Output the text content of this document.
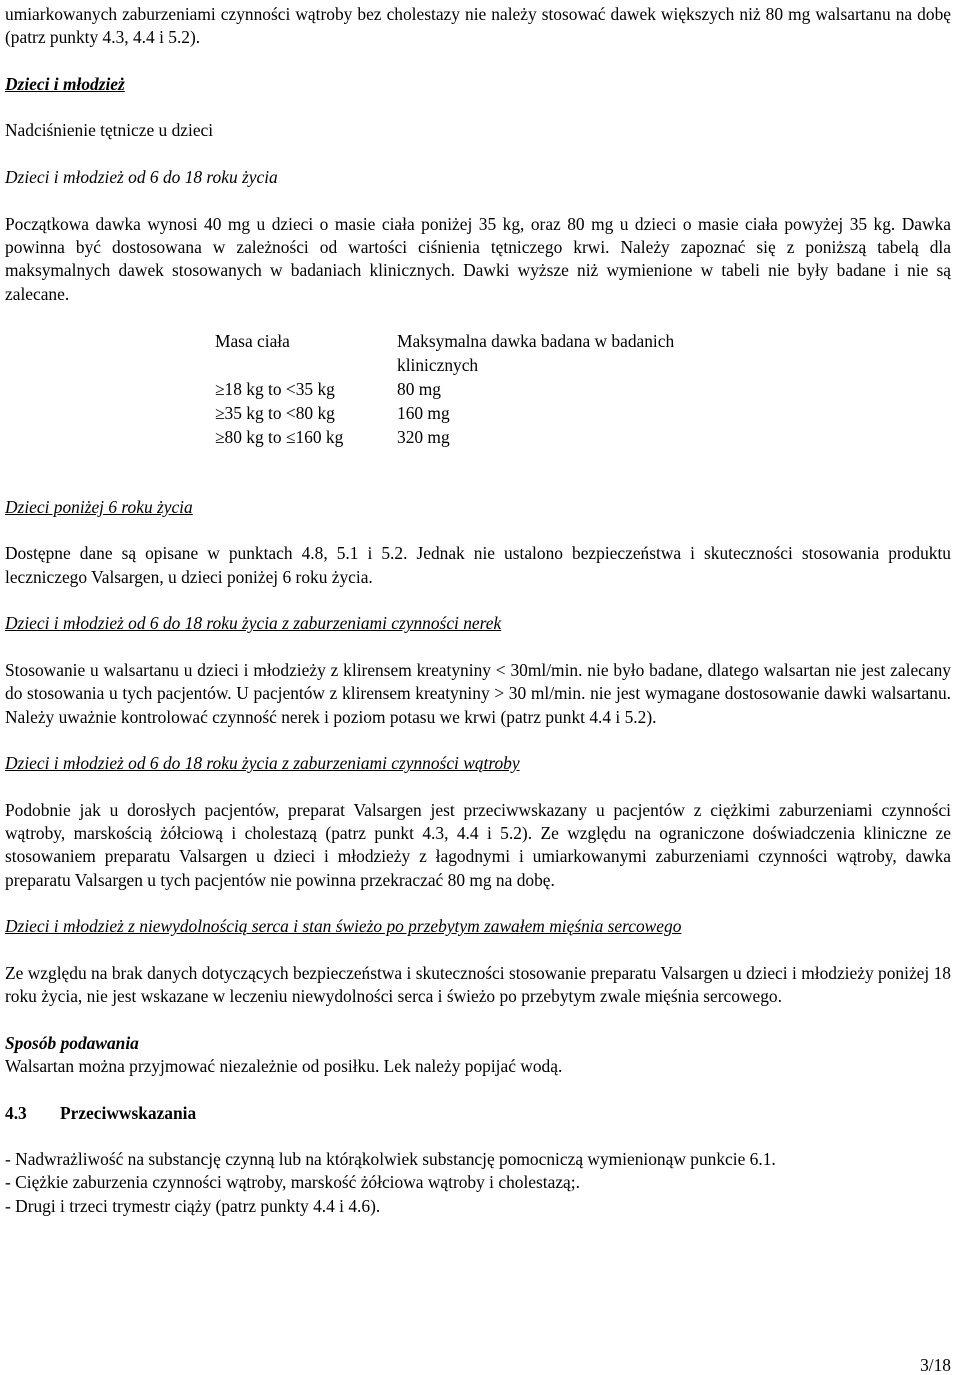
umiarkowanych zaburzeniami czynności wątroby bez cholestazy nie należy stosować dawek większych niż 80 mg walsartanu na dobę (patrz punkty 4.3, 4.4 i 5.2).

Dzieci i młodzież

Nadciśnienie tętnicze u dzieci

Dzieci i młodzież od 6 do 18 roku życia

Początkowa dawka wynosi 40 mg u dzieci o masie ciała poniżej 35 kg, oraz 80 mg u dzieci o masie ciała powyżej 35 kg. Dawka powinna być dostosowana w zależności od wartości ciśnienia tętniczego krwi. Należy zapoznać się z poniższą tabelą dla maksymalnych dawek stosowanych w badaniach klinicznych. Dawki wyższe niż wymienione w tabeli nie były badane i nie są zalecane.

Masa ciała	Maksymalna dawka badana w badanich klinicznych
≥18 kg to <35 kg	80 mg
≥35 kg to <80 kg	160 mg
≥80 kg to ≤160 kg	320 mg

Dzieci poniżej 6 roku życia

Dostępne dane są opisane w punktach 4.8, 5.1 i 5.2. Jednak nie ustalono bezpieczeństwa i skuteczności stosowania produktu leczniczego Valsargen, u dzieci poniżej 6 roku życia.

Dzieci i młodzież od 6 do 18 roku życia z zaburzeniami czynności nerek

Stosowanie u walsartanu u dzieci i młodzieży z klirensem kreatyniny < 30ml/min. nie było badane, dlatego walsartan nie jest zalecany do stosowania u tych pacjentów. U pacjentów z klirensem kreatyniny > 30 ml/min. nie jest wymagane dostosowanie dawki walsartanu. Należy uważnie kontrolować czynność nerek i poziom potasu we krwi (patrz punkt 4.4 i 5.2).

Dzieci i młodzież od 6 do 18 roku życia z zaburzeniami czynności wątroby

Podobnie jak u dorosłych pacjentów, preparat Valsargen jest przeciwwskazany u pacjentów z ciężkimi zaburzeniami czynności wątroby, marskością żółciową i cholestazą (patrz punkt 4.3, 4.4 i 5.2). Ze względu na ograniczone doświadczenia kliniczne ze stosowaniem preparatu Valsargen u dzieci i młodzieży z łagodnymi i umiarkowanymi zaburzeniami czynności wątroby, dawka preparatu Valsargen u tych pacjentów nie powinna przekraczać 80 mg na dobę.

Dzieci i młodzież z niewydolnością serca i stan świeżo po przebytym zawałem mięśnia sercowego

Ze względu na brak danych dotyczących bezpieczeństwa i skuteczności stosowanie preparatu Valsargen u dzieci i młodzieży poniżej 18 roku życia, nie jest wskazane w leczeniu niewydolności serca i świeżo po przebytym zwale mięśnia sercowego.

Sposób podawania

Walsartan można przyjmować niezależnie od posiłku. Lek należy popijać wodą.

4.3 Przeciwwskazania

- Nadwrażliwość na substancję czynną lub na którąkolwiek substancję pomocniczą wymienionąw punkcie 6.1.

- Ciężkie zaburzenia czynności wątroby, marskość żółciowa wątroby i cholestazą;.

- Drugi i trzeci trymestr ciąży (patrz punkty 4.4 i 4.6).

3/18
